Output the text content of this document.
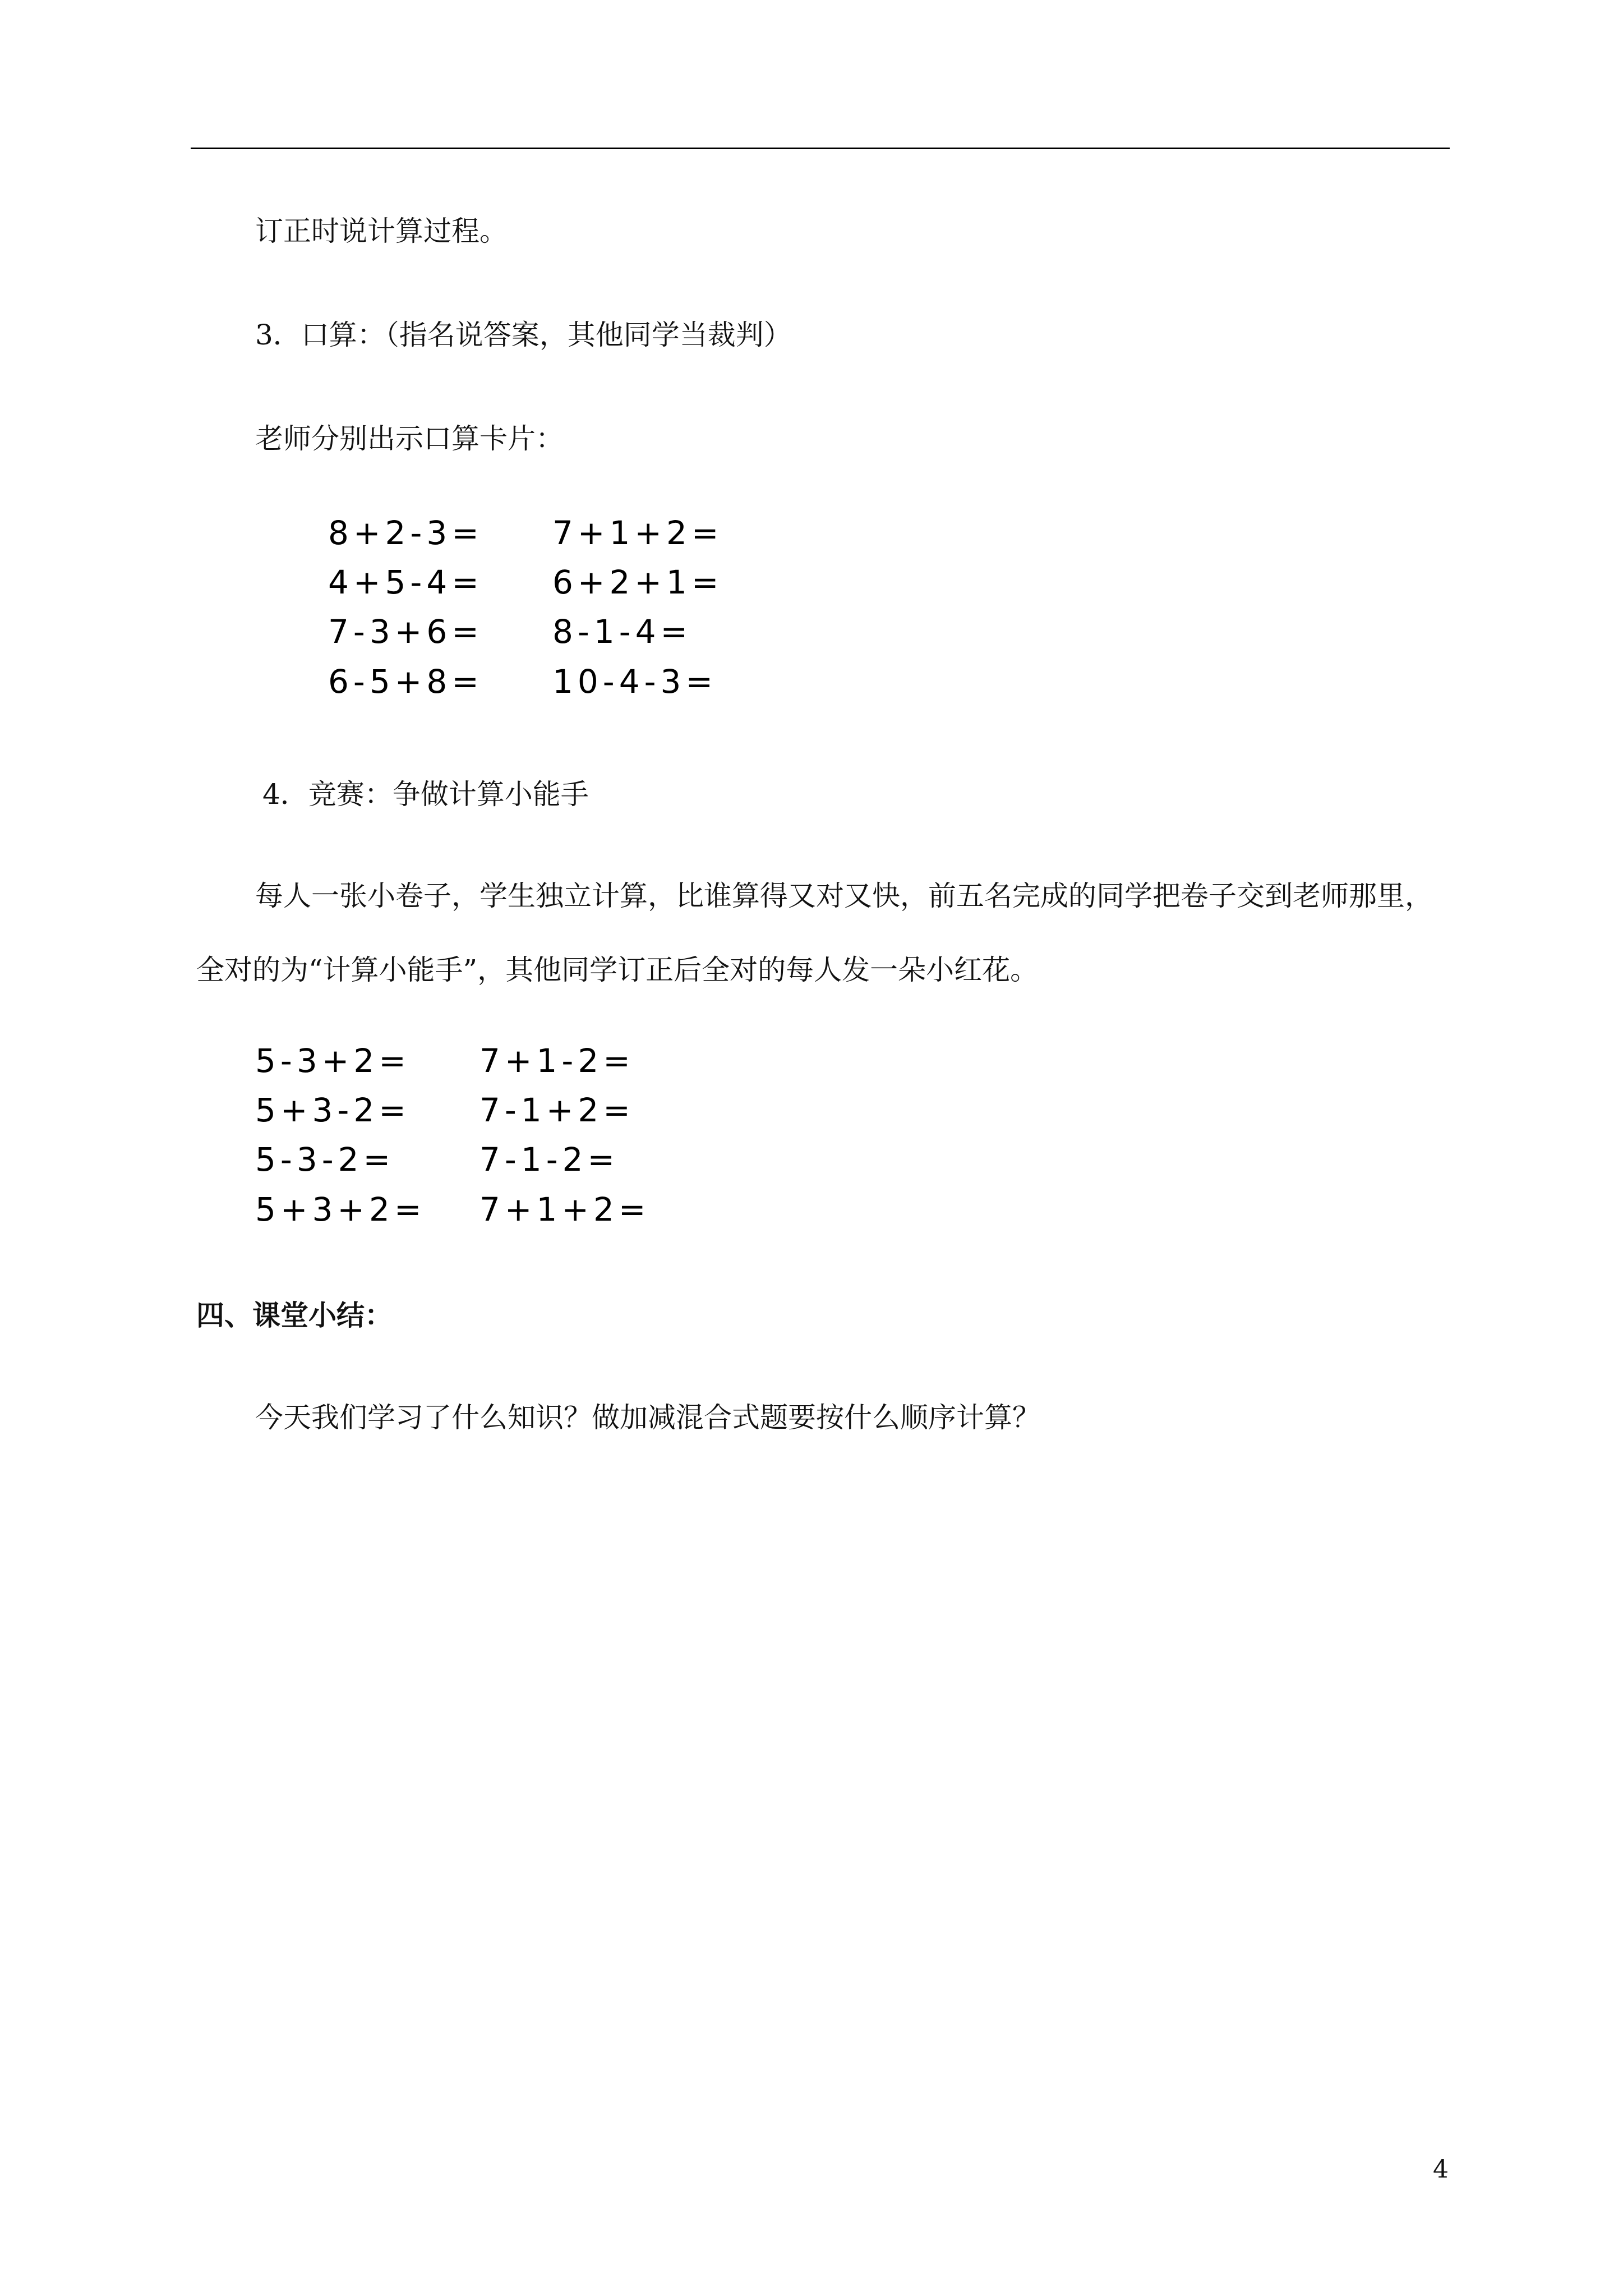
订正时说计算过程。
3．口算：（指名说答案，其他同学当裁判）
老师分别出示口算卡片：
8+2-3=
4+5-4=
7-3+6=
6-5+8=
7+1+2=
6+2+1=
8-1-4=
10-4-3=
4．竞赛：争做计算小能手
每人一张小卷子，学生独立计算，比谁算得又对又快，前五名完成的同学把卷子交到老师那里，
全对的为“计算小能手”，其他同学订正后全对的每人发一朵小红花。
5-3+2=
5+3-2=
5-3-2=
5+3+2=
7+1-2=
7-1+2=
7-1-2=
7+1+2=
四、课堂小结：
今天我们学习了什么知识？做加减混合式题要按什么顺序计算？
4
